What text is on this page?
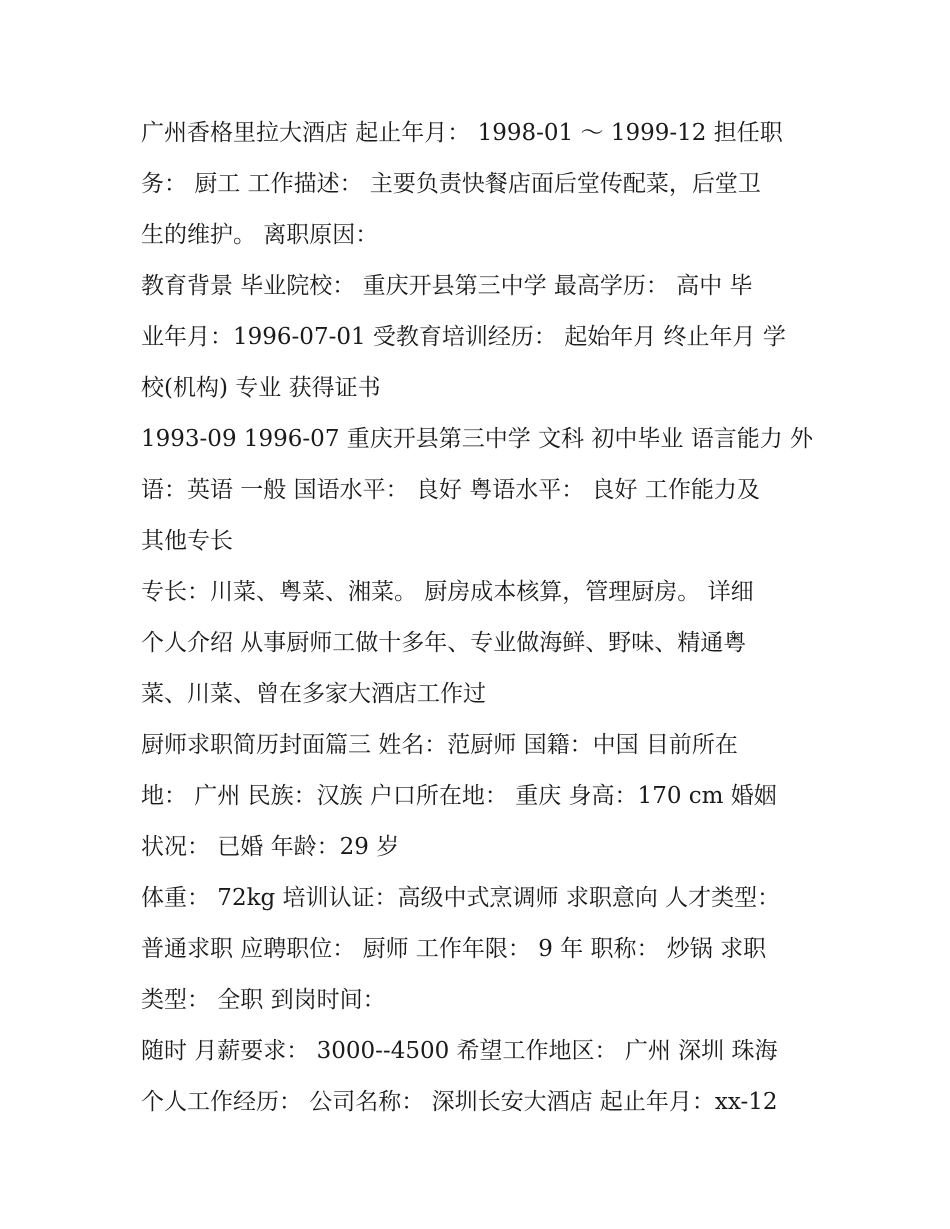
广州香格里拉大酒店 起止年月： 1998-01 ～ 1999-12 担任职
务： 厨工 工作描述： 主要负责快餐店面后堂传配菜，后堂卫
生的维护。 离职原因：
教育背景 毕业院校： 重庆开县第三中学 最高学历： 高中 毕
业年月：1996-07-01 受教育培训经历： 起始年月 终止年月 学
校(机构) 专业 获得证书
1993-09 1996-07 重庆开县第三中学 文科 初中毕业 语言能力 外
语：英语 一般 国语水平： 良好 粤语水平： 良好 工作能力及
其他专长
专长：川菜、粤菜、湘菜。 厨房成本核算，管理厨房。 详细
个人介绍 从事厨师工做十多年、专业做海鲜、野味、精通粤
菜、川菜、曾在多家大酒店工作过
厨师求职简历封面篇三 姓名：范厨师 国籍：中国 目前所在
地： 广州 民族：汉族 户口所在地： 重庆 身高：170 cm 婚姻
状况： 已婚 年龄：29 岁
体重： 72kg 培训认证：高级中式烹调师 求职意向 人才类型：
普通求职 应聘职位： 厨师 工作年限： 9 年 职称： 炒锅 求职
类型： 全职 到岗时间：
随时 月薪要求： 3000--4500 希望工作地区： 广州 深圳 珠海
个人工作经历： 公司名称： 深圳长安大酒店 起止年月：xx-12
